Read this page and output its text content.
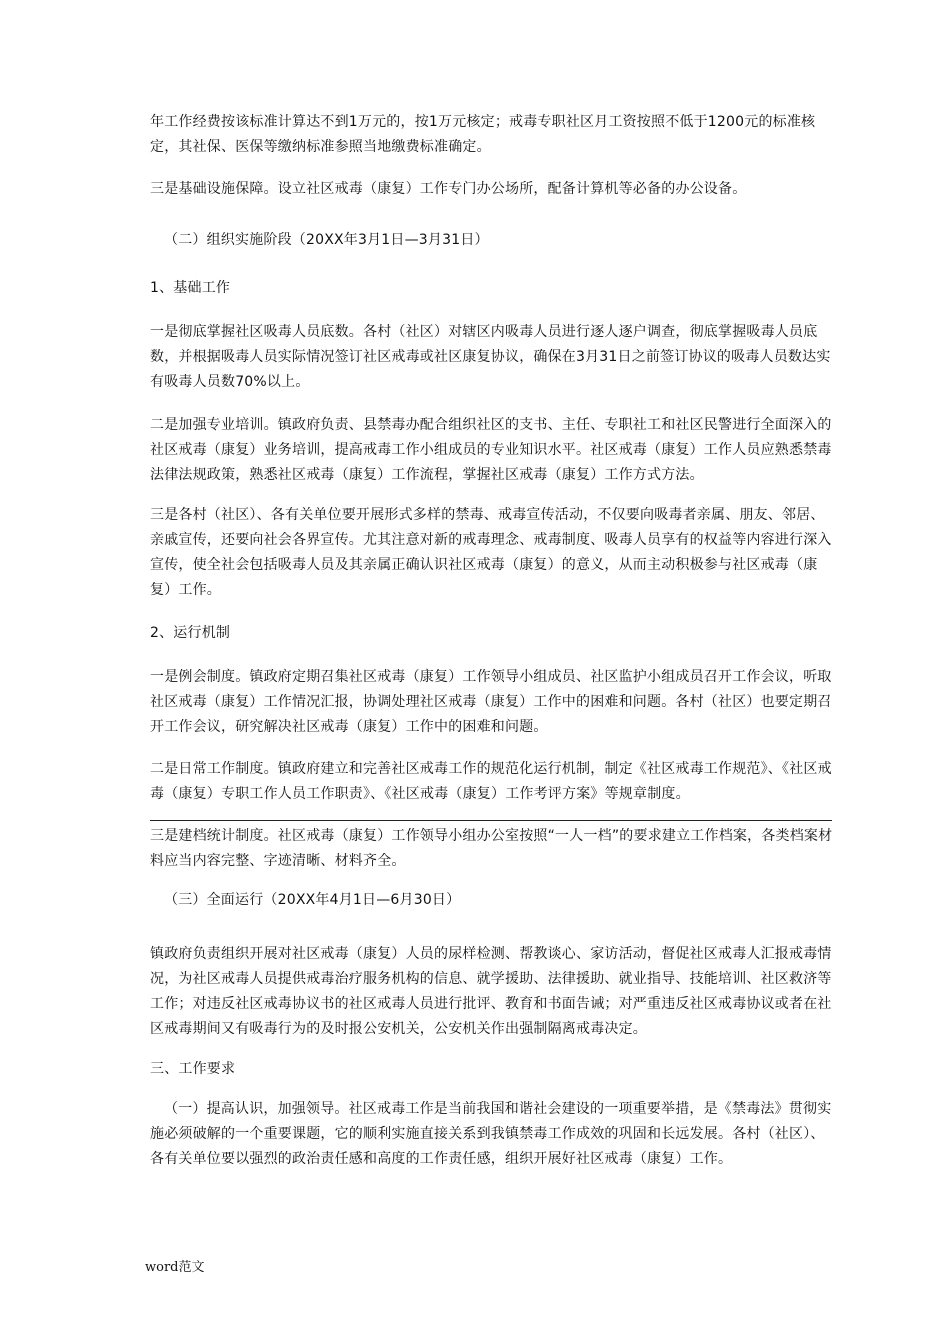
年工作经费按该标准计算达不到1万元的，按1万元核定；戒毒专职社区月工资按照不低于1200元的标准核定，其社保、医保等缴纳标准参照当地缴费标准确定。

三是基础设施保障。设立社区戒毒（康复）工作专门办公场所，配备计算机等必备的办公设备。

（二）组织实施阶段（20XX年3月1日—3月31日）

1、基础工作

一是彻底掌握社区吸毒人员底数。各村（社区）对辖区内吸毒人员进行逐人逐户调查，彻底掌握吸毒人员底数，并根据吸毒人员实际情况签订社区戒毒或社区康复协议，确保在3月31日之前签订协议的吸毒人员数达实有吸毒人员数70%以上。

二是加强专业培训。镇政府负责、县禁毒办配合组织社区的支书、主任、专职社工和社区民警进行全面深入的社区戒毒（康复）业务培训，提高戒毒工作小组成员的专业知识水平。社区戒毒（康复）工作人员应熟悉禁毒法律法规政策，熟悉社区戒毒（康复）工作流程，掌握社区戒毒（康复）工作方式方法。

三是各村（社区）、各有关单位要开展形式多样的禁毒、戒毒宣传活动，不仅要向吸毒者亲属、朋友、邻居、亲戚宣传，还要向社会各界宣传。尤其注意对新的戒毒理念、戒毒制度、吸毒人员享有的权益等内容进行深入宣传，使全社会包括吸毒人员及其亲属正确认识社区戒毒（康复）的意义，从而主动积极参与社区戒毒（康复）工作。

2、运行机制

一是例会制度。镇政府定期召集社区戒毒（康复）工作领导小组成员、社区监护小组成员召开工作会议，听取社区戒毒（康复）工作情况汇报，协调处理社区戒毒（康复）工作中的困难和问题。各村（社区）也要定期召开工作会议，研究解决社区戒毒（康复）工作中的困难和问题。

二是日常工作制度。镇政府建立和完善社区戒毒工作的规范化运行机制，制定《社区戒毒工作规范》、《社区戒毒（康复）专职工作人员工作职责》、《社区戒毒（康复）工作考评方案》等规章制度。

三是建档统计制度。社区戒毒（康复）工作领导小组办公室按照“一人一档”的要求建立工作档案，各类档案材料应当内容完整、字迹清晰、材料齐全。

（三）全面运行（20XX年4月1日—6月30日）

镇政府负责组织开展对社区戒毒（康复）人员的尿样检测、帮教谈心、家访活动，督促社区戒毒人汇报戒毒情况，为社区戒毒人员提供戒毒治疗服务机构的信息、就学援助、法律援助、就业指导、技能培训、社区救济等工作；对违反社区戒毒协议书的社区戒毒人员进行批评、教育和书面告诫；对严重违反社区戒毒协议或者在社区戒毒期间又有吸毒行为的及时报公安机关，公安机关作出强制隔离戒毒决定。

三、工作要求

（一）提高认识，加强领导。社区戒毒工作是当前我国和谐社会建设的一项重要举措，是《禁毒法》贯彻实施必须破解的一个重要课题，它的顺利实施直接关系到我镇禁毒工作成效的巩固和长远发展。各村（社区）、各有关单位要以强烈的政治责任感和高度的工作责任感，组织开展好社区戒毒（康复）工作。

word范文
